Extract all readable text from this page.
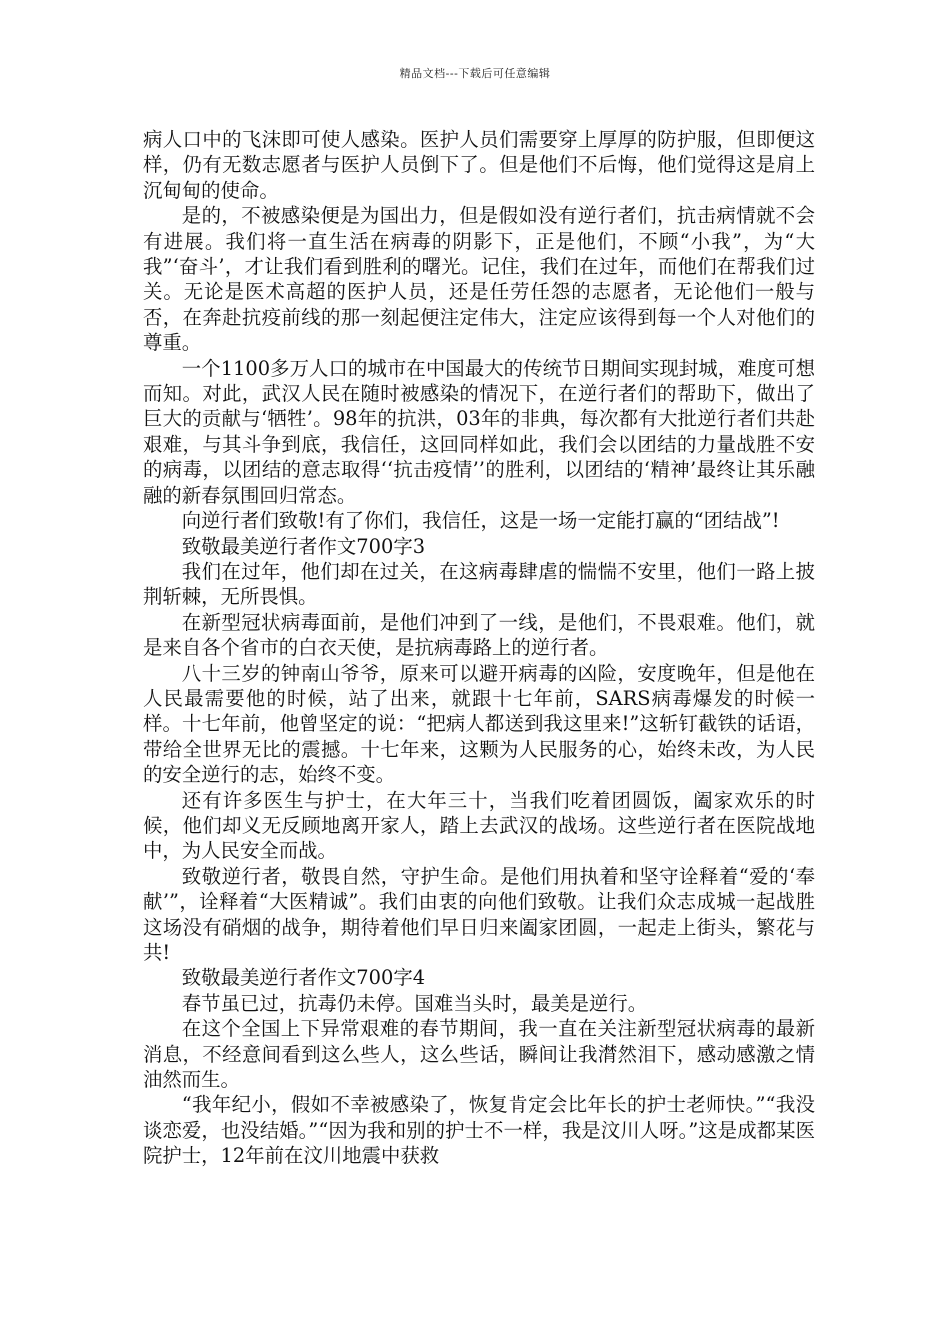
精品文档---下载后可任意编辑

病人口中的飞沫即可使人感染。医护人员们需要穿上厚厚的防护服，但即便这样，仍有无数志愿者与医护人员倒下了。但是他们不后悔，他们觉得这是肩上沉甸甸的使命。

是的，不被感染便是为国出力，但是假如没有逆行者们，抗击病情就不会有进展。我们将一直生活在病毒的阴影下，正是他们，不顾“小我”，为“大我”‘奋斗’，才让我们看到胜利的曙光。记住，我们在过年，而他们在帮我们过关。无论是医术高超的医护人员，还是任劳任怨的志愿者，无论他们一般与否，在奔赴抗疫前线的那一刻起便注定伟大，注定应该得到每一个人对他们的尊重。

一个1100多万人口的城市在中国最大的传统节日期间实现封城，难度可想而知。对此，武汉人民在随时被感染的情况下，在逆行者们的帮助下，做出了巨大的贡献与‘牺牲’。98年的抗洪，03年的非典，每次都有大批逆行者们共赴艰难，与其斗争到底，我信任，这回同样如此，我们会以团结的力量战胜不安的病毒，以团结的意志取得‘‘抗击疫情’’的胜利，以团结的‘精神’最终让其乐融融的新春氛围回归常态。

向逆行者们致敬!有了你们，我信任，这是一场一定能打赢的“团结战”!

致敬最美逆行者作文700字3

我们在过年，他们却在过关，在这病毒肆虐的惴惴不安里，他们一路上披荆斩棘，无所畏惧。

在新型冠状病毒面前，是他们冲到了一线，是他们，不畏艰难。他们，就是来自各个省市的白衣天使，是抗病毒路上的逆行者。

八十三岁的钟南山爷爷，原来可以避开病毒的凶险，安度晚年，但是他在人民最需要他的时候，站了出来，就跟十七年前，SARS病毒爆发的时候一样。十七年前，他曾坚定的说：“把病人都送到我这里来!”这斩钉截铁的话语，带给全世界无比的震撼。十七年来，这颗为人民服务的心，始终未改，为人民的安全逆行的志，始终不变。

还有许多医生与护士，在大年三十，当我们吃着团圆饭，阖家欢乐的时候，他们却义无反顾地离开家人，踏上去武汉的战场。这些逆行者在医院战地中，为人民安全而战。

致敬逆行者，敬畏自然，守护生命。是他们用执着和坚守诠释着“爱的‘奉献’”，诠释着“大医精诚”。我们由衷的向他们致敬。让我们众志成城一起战胜这场没有硝烟的战争，期待着他们早日归来阖家团圆，一起走上街头，繁花与共!

致敬最美逆行者作文700字4

春节虽已过，抗毒仍未停。国难当头时，最美是逆行。

在这个全国上下异常艰难的春节期间，我一直在关注新型冠状病毒的最新消息，不经意间看到这么些人，这么些话，瞬间让我潸然泪下，感动感激之情油然而生。

“我年纪小，假如不幸被感染了，恢复肯定会比年长的护士老师快。”“我没谈恋爱，也没结婚。”“因为我和别的护士不一样，我是汶川人呀。”这是成都某医院护士，12年前在汶川地震中获救
